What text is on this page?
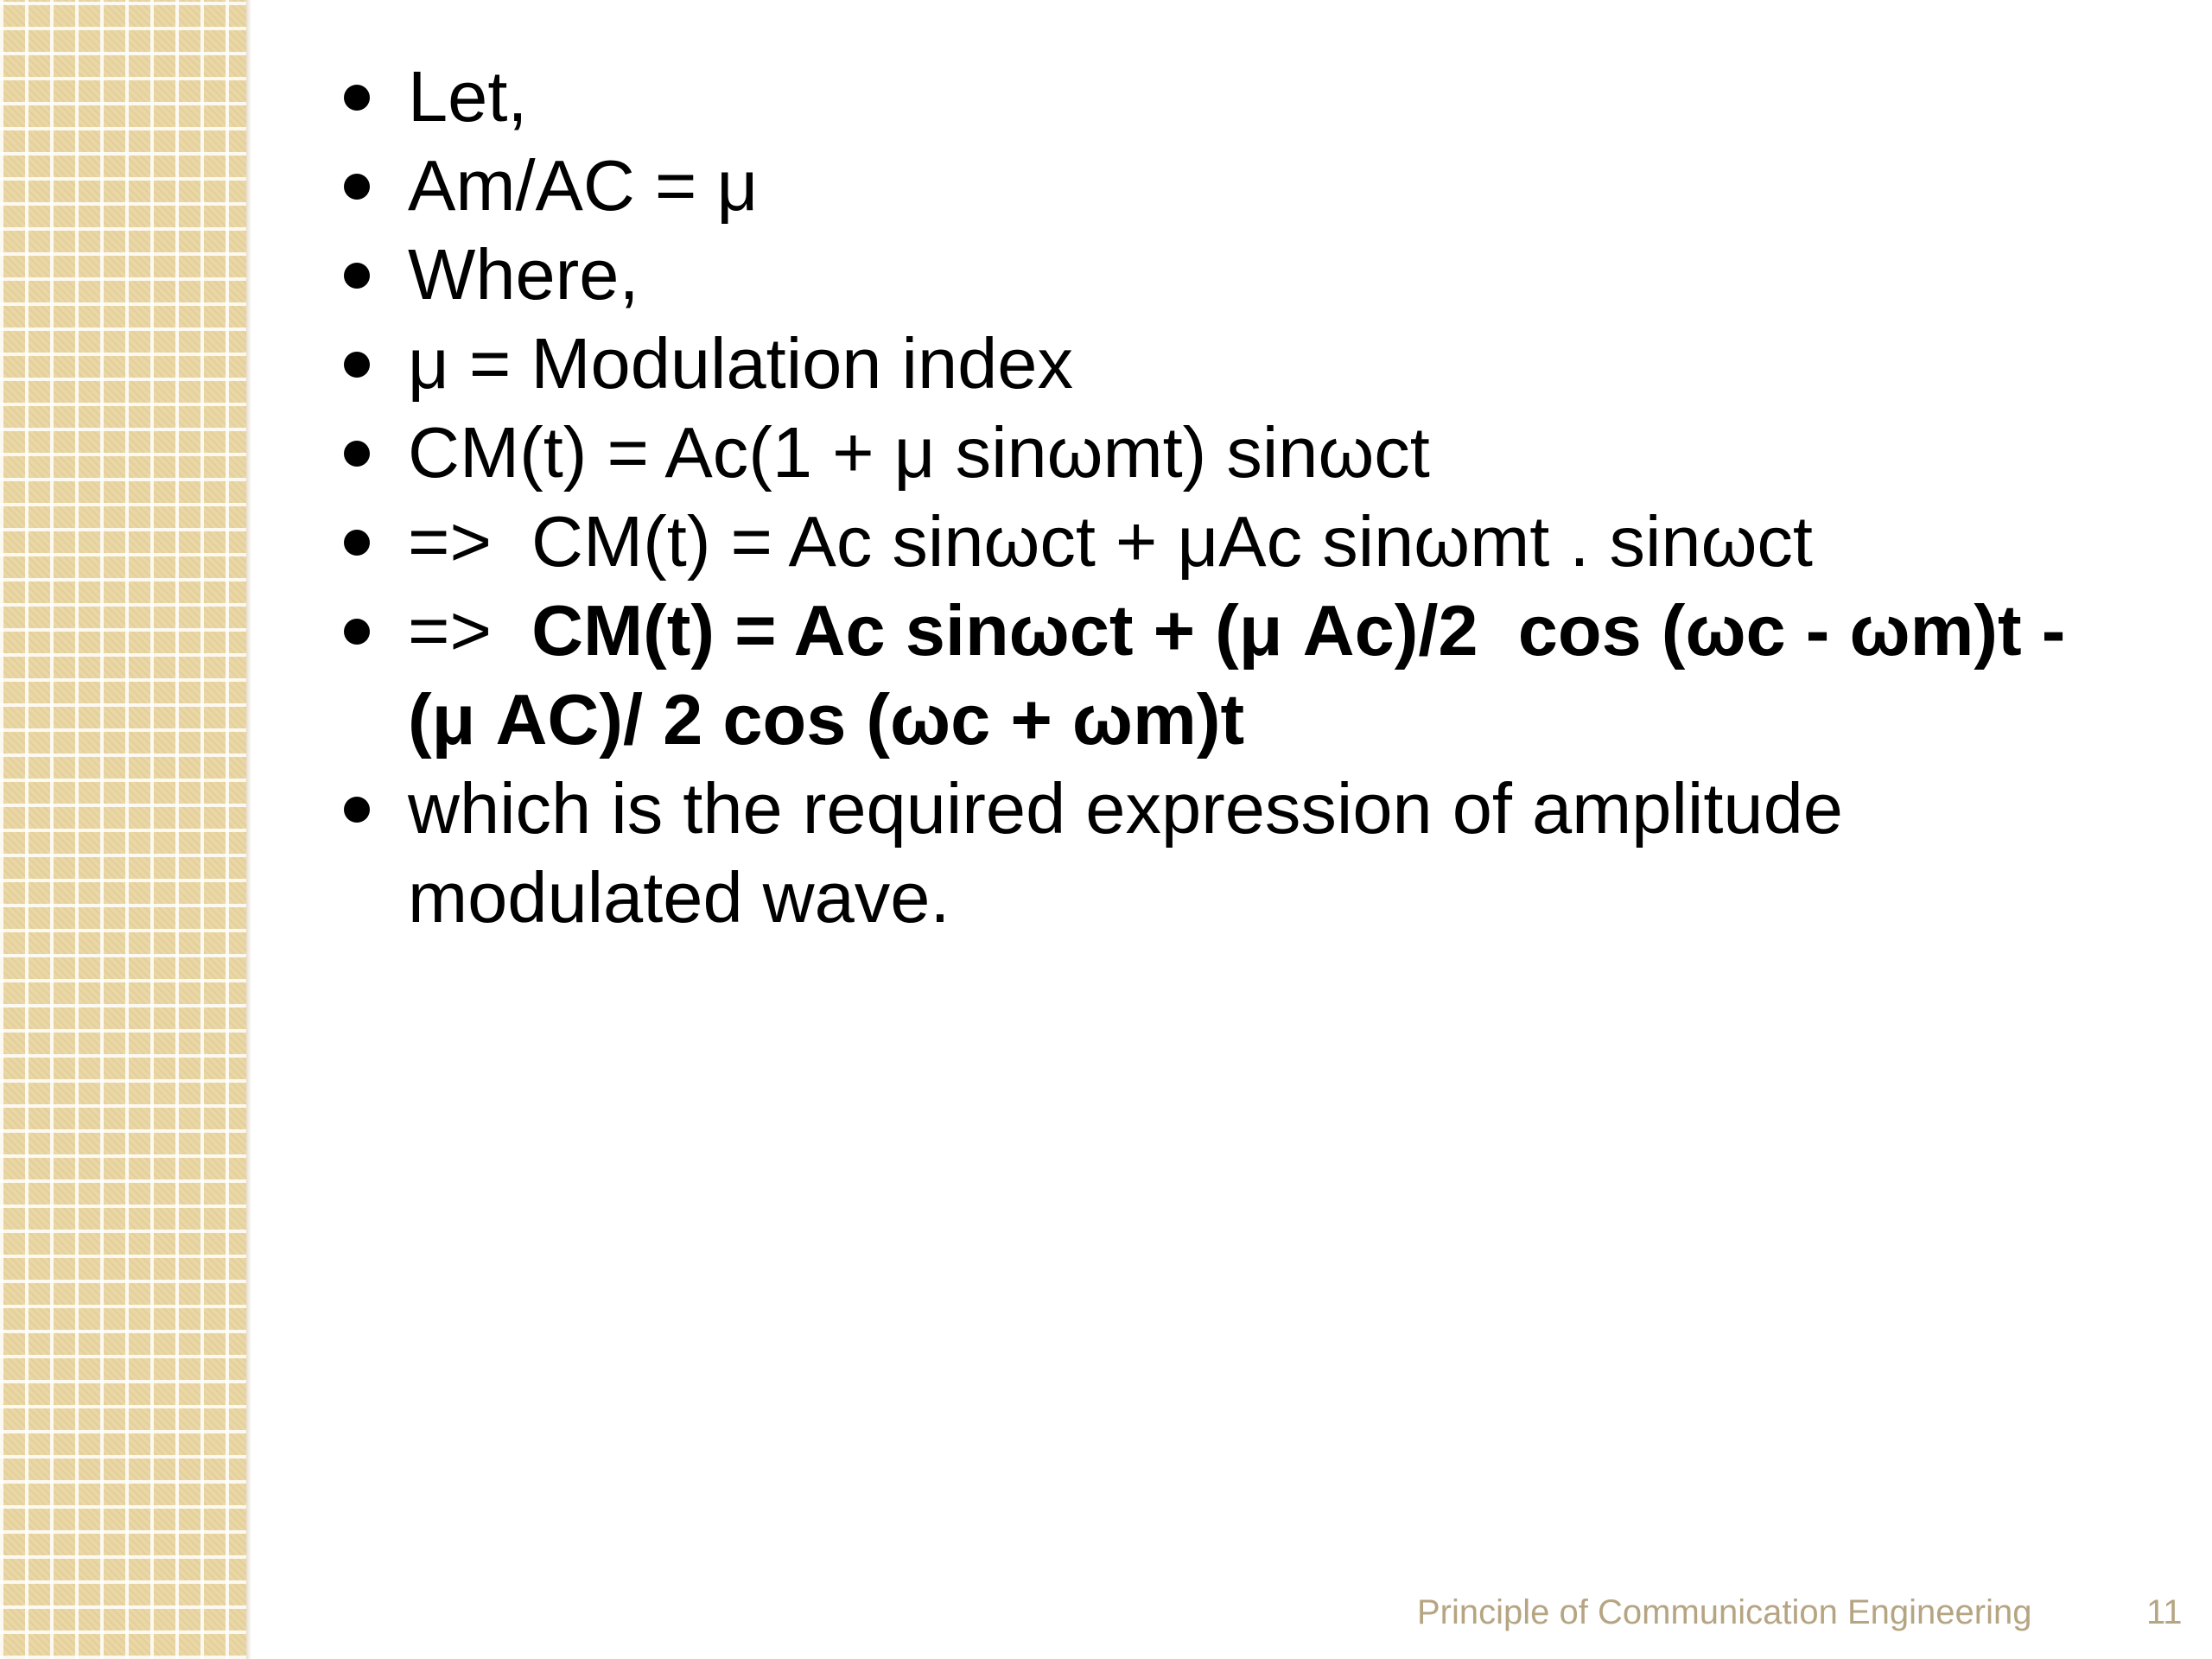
Let,
Am/AC = μ
Where,
μ = Modulation index
CM(t) = Ac(1 + μ sinωmt) sinωct
=>  CM(t) = Ac sinωct + μAc sinωmt . sinωct
=>  CM(t) = Ac sinωct + (μ Ac)/2  cos (ωc - ωm)t - (μ AC)/ 2 cos (ωc + ωm)t
which is the required expression of amplitude modulated wave.
Principle of Communication Engineering	11
